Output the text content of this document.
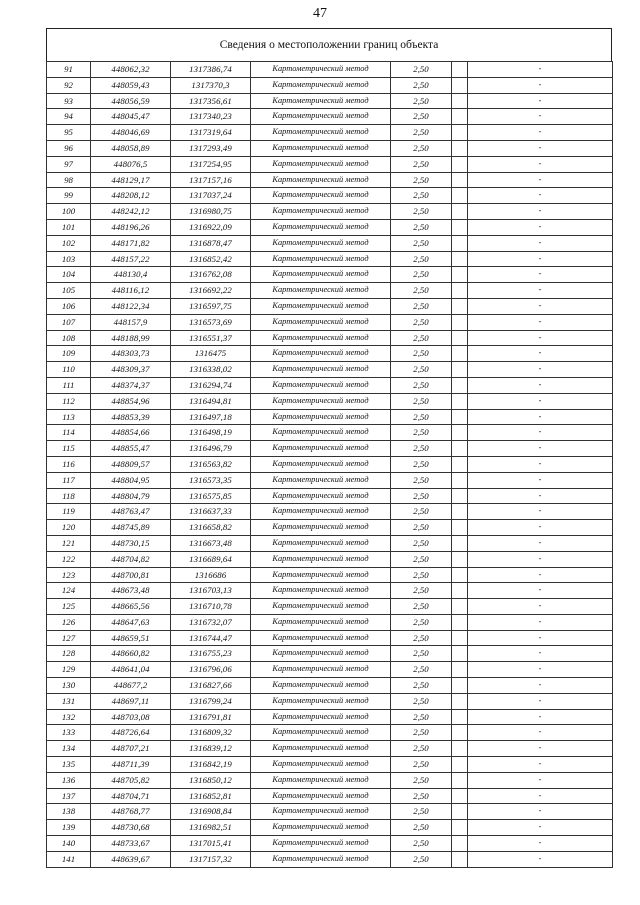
47
Сведения о местоположении границ объекта
91	448062,32	1317386,74	Картометрический метод	2,50		-
92	448059,43	1317370,3	Картометрический метод	2,50		-
93	448056,59	1317356,61	Картометрический метод	2,50		-
94	448045,47	1317340,23	Картометрический метод	2,50		-
95	448046,69	1317319,64	Картометрический метод	2,50		-
96	448058,89	1317293,49	Картометрический метод	2,50		-
97	448076,5	1317254,95	Картометрический метод	2,50		-
98	448129,17	1317157,16	Картометрический метод	2,50		-
99	448208,12	1317037,24	Картометрический метод	2,50		-
100	448242,12	1316980,75	Картометрический метод	2,50		-
101	448196,26	1316922,09	Картометрический метод	2,50		-
102	448171,82	1316878,47	Картометрический метод	2,50		-
103	448157,22	1316852,42	Картометрический метод	2,50		-
104	448130,4	1316762,08	Картометрический метод	2,50		-
105	448116,12	1316692,22	Картометрический метод	2,50		-
106	448122,34	1316597,75	Картометрический метод	2,50		-
107	448157,9	1316573,69	Картометрический метод	2,50		-
108	448188,99	1316551,37	Картометрический метод	2,50		-
109	448303,73	1316475	Картометрический метод	2,50		-
110	448309,37	1316338,02	Картометрический метод	2,50		-
111	448374,37	1316294,74	Картометрический метод	2,50		-
112	448854,96	1316494,81	Картометрический метод	2,50		-
113	448853,39	1316497,18	Картометрический метод	2,50		-
114	448854,66	1316498,19	Картометрический метод	2,50		-
115	448855,47	1316496,79	Картометрический метод	2,50		-
116	448809,57	1316563,82	Картометрический метод	2,50		-
117	448804,95	1316573,35	Картометрический метод	2,50		-
118	448804,79	1316575,85	Картометрический метод	2,50		-
119	448763,47	1316637,33	Картометрический метод	2,50		-
120	448745,89	1316658,82	Картометрический метод	2,50		-
121	448730,15	1316673,48	Картометрический метод	2,50		-
122	448704,82	1316689,64	Картометрический метод	2,50		-
123	448700,81	1316686	Картометрический метод	2,50		-
124	448673,48	1316703,13	Картометрический метод	2,50		-
125	448665,56	1316710,78	Картометрический метод	2,50		-
126	448647,63	1316732,07	Картометрический метод	2,50		-
127	448659,51	1316744,47	Картометрический метод	2,50		-
128	448660,82	1316755,23	Картометрический метод	2,50		-
129	448641,04	1316796,06	Картометрический метод	2,50		-
130	448677,2	1316827,66	Картометрический метод	2,50		-
131	448697,11	1316799,24	Картометрический метод	2,50		-
132	448703,08	1316791,81	Картометрический метод	2,50		-
133	448726,64	1316809,32	Картометрический метод	2,50		-
134	448707,21	1316839,12	Картометрический метод	2,50		-
135	448711,39	1316842,19	Картометрический метод	2,50		-
136	448705,82	1316850,12	Картометрический метод	2,50		-
137	448704,71	1316852,81	Картометрический метод	2,50		-
138	448768,77	1316908,84	Картометрический метод	2,50		-
139	448730,68	1316982,51	Картометрический метод	2,50		-
140	448733,67	1317015,41	Картометрический метод	2,50		-
141	448639,67	1317157,32	Картометрический метод	2,50		-
